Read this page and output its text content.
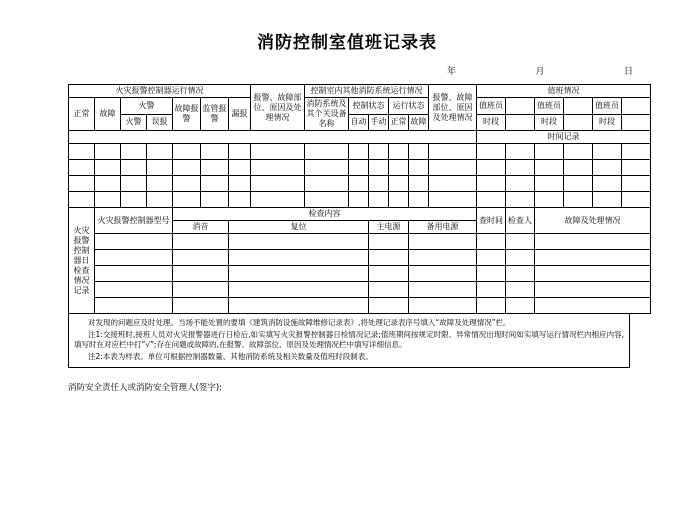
消防控制室值班记录表
年	月	日
火灾报警控制器运行情况							报警、故障部位、原因及处理情况	控制室内其他消防系统运行情况					报警、故障部位、原因及处理情况	值班情况					
正常	故障	火警		故障报警	监管报警	漏报		消防系统及其个关设备名称	控制状态		运行状态			值班员		值班员		值班员	
		火警	误报						自动	手动	正常	故障		时段		时段		时段	
														时间记录					

火灾报警控制器日检查情况记录	火灾报警控制器型号			检查内容										查时间	检查人	故障及处理情况			
				消音		复位				主电源		备用电源							

对发现的问题应及时处理。当场不能处置的要填《建筑消防设施故障维修记录表》,将处理记录表序号填入“故障及处理情况”栏。

注1:交接班时,接班人员对火灾报警器进行日检后,如实填写火灾报警控制器日检情况记录;值班期间按规定时限、异常情况出现时间如实填写运行情况栏内相应内容,填写时在对应栏中打“√”;存在问题或故障的,在报警、故障部位、原因及处理情况栏中填写详细信息。

注2:本表为样表。单位可根据控制器数量、其他消防系统及相关数量及值班时段制表。

消防安全责任人或消防安全管理人(签字):
